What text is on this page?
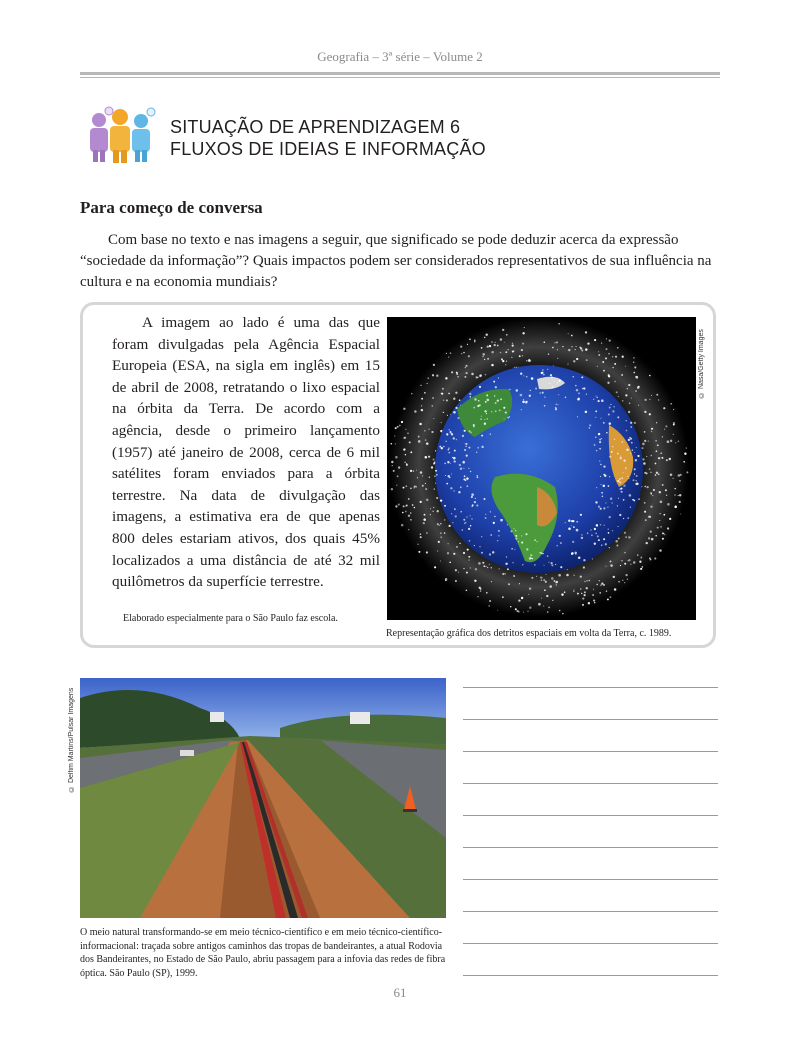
Geografia – 3ª série – Volume 2
SITUAÇÃO DE APRENDIZAGEM 6
FLUXOS DE IDEIAS E INFORMAÇÃO
Para começo de conversa

Com base no texto e nas imagens a seguir, que significado se pode deduzir acerca da expressão “sociedade da informação”? Quais impactos podem ser considerados representativos de sua influência na cultura e na economia mundiais?

A imagem ao lado é uma das que foram divulgadas pela Agência Espacial Europeia (ESA, na sigla em inglês) em 15 de abril de 2008, retratando o lixo espacial na órbita da Terra. De acordo com a agência, desde o primeiro lançamento (1957) até janeiro de 2008, cerca de 6 mil satélites foram enviados para a órbita terrestre. Na data de divulgação das imagens, a estimativa era de que apenas 800 deles estariam ativos, dos quais 45% localizados a uma distância de até 32 mil quilômetros da superfície terrestre.

Elaborado especialmente para o São Paulo faz escola.
© Nasa/Getty Images
Representação gráfica dos detritos espaciais em volta da Terra, c. 1989.
© Delfim Martins/Pulsar Imagens

O meio natural transformando-se em meio técnico-científico e em meio técnico-científico-informacional: traçada sobre antigos caminhos das tropas de bandeirantes, a atual Rodovia dos Bandeirantes, no Estado de São Paulo, abriu passagem para a infovia das redes de fibra óptica. São Paulo (SP), 1999.

61
